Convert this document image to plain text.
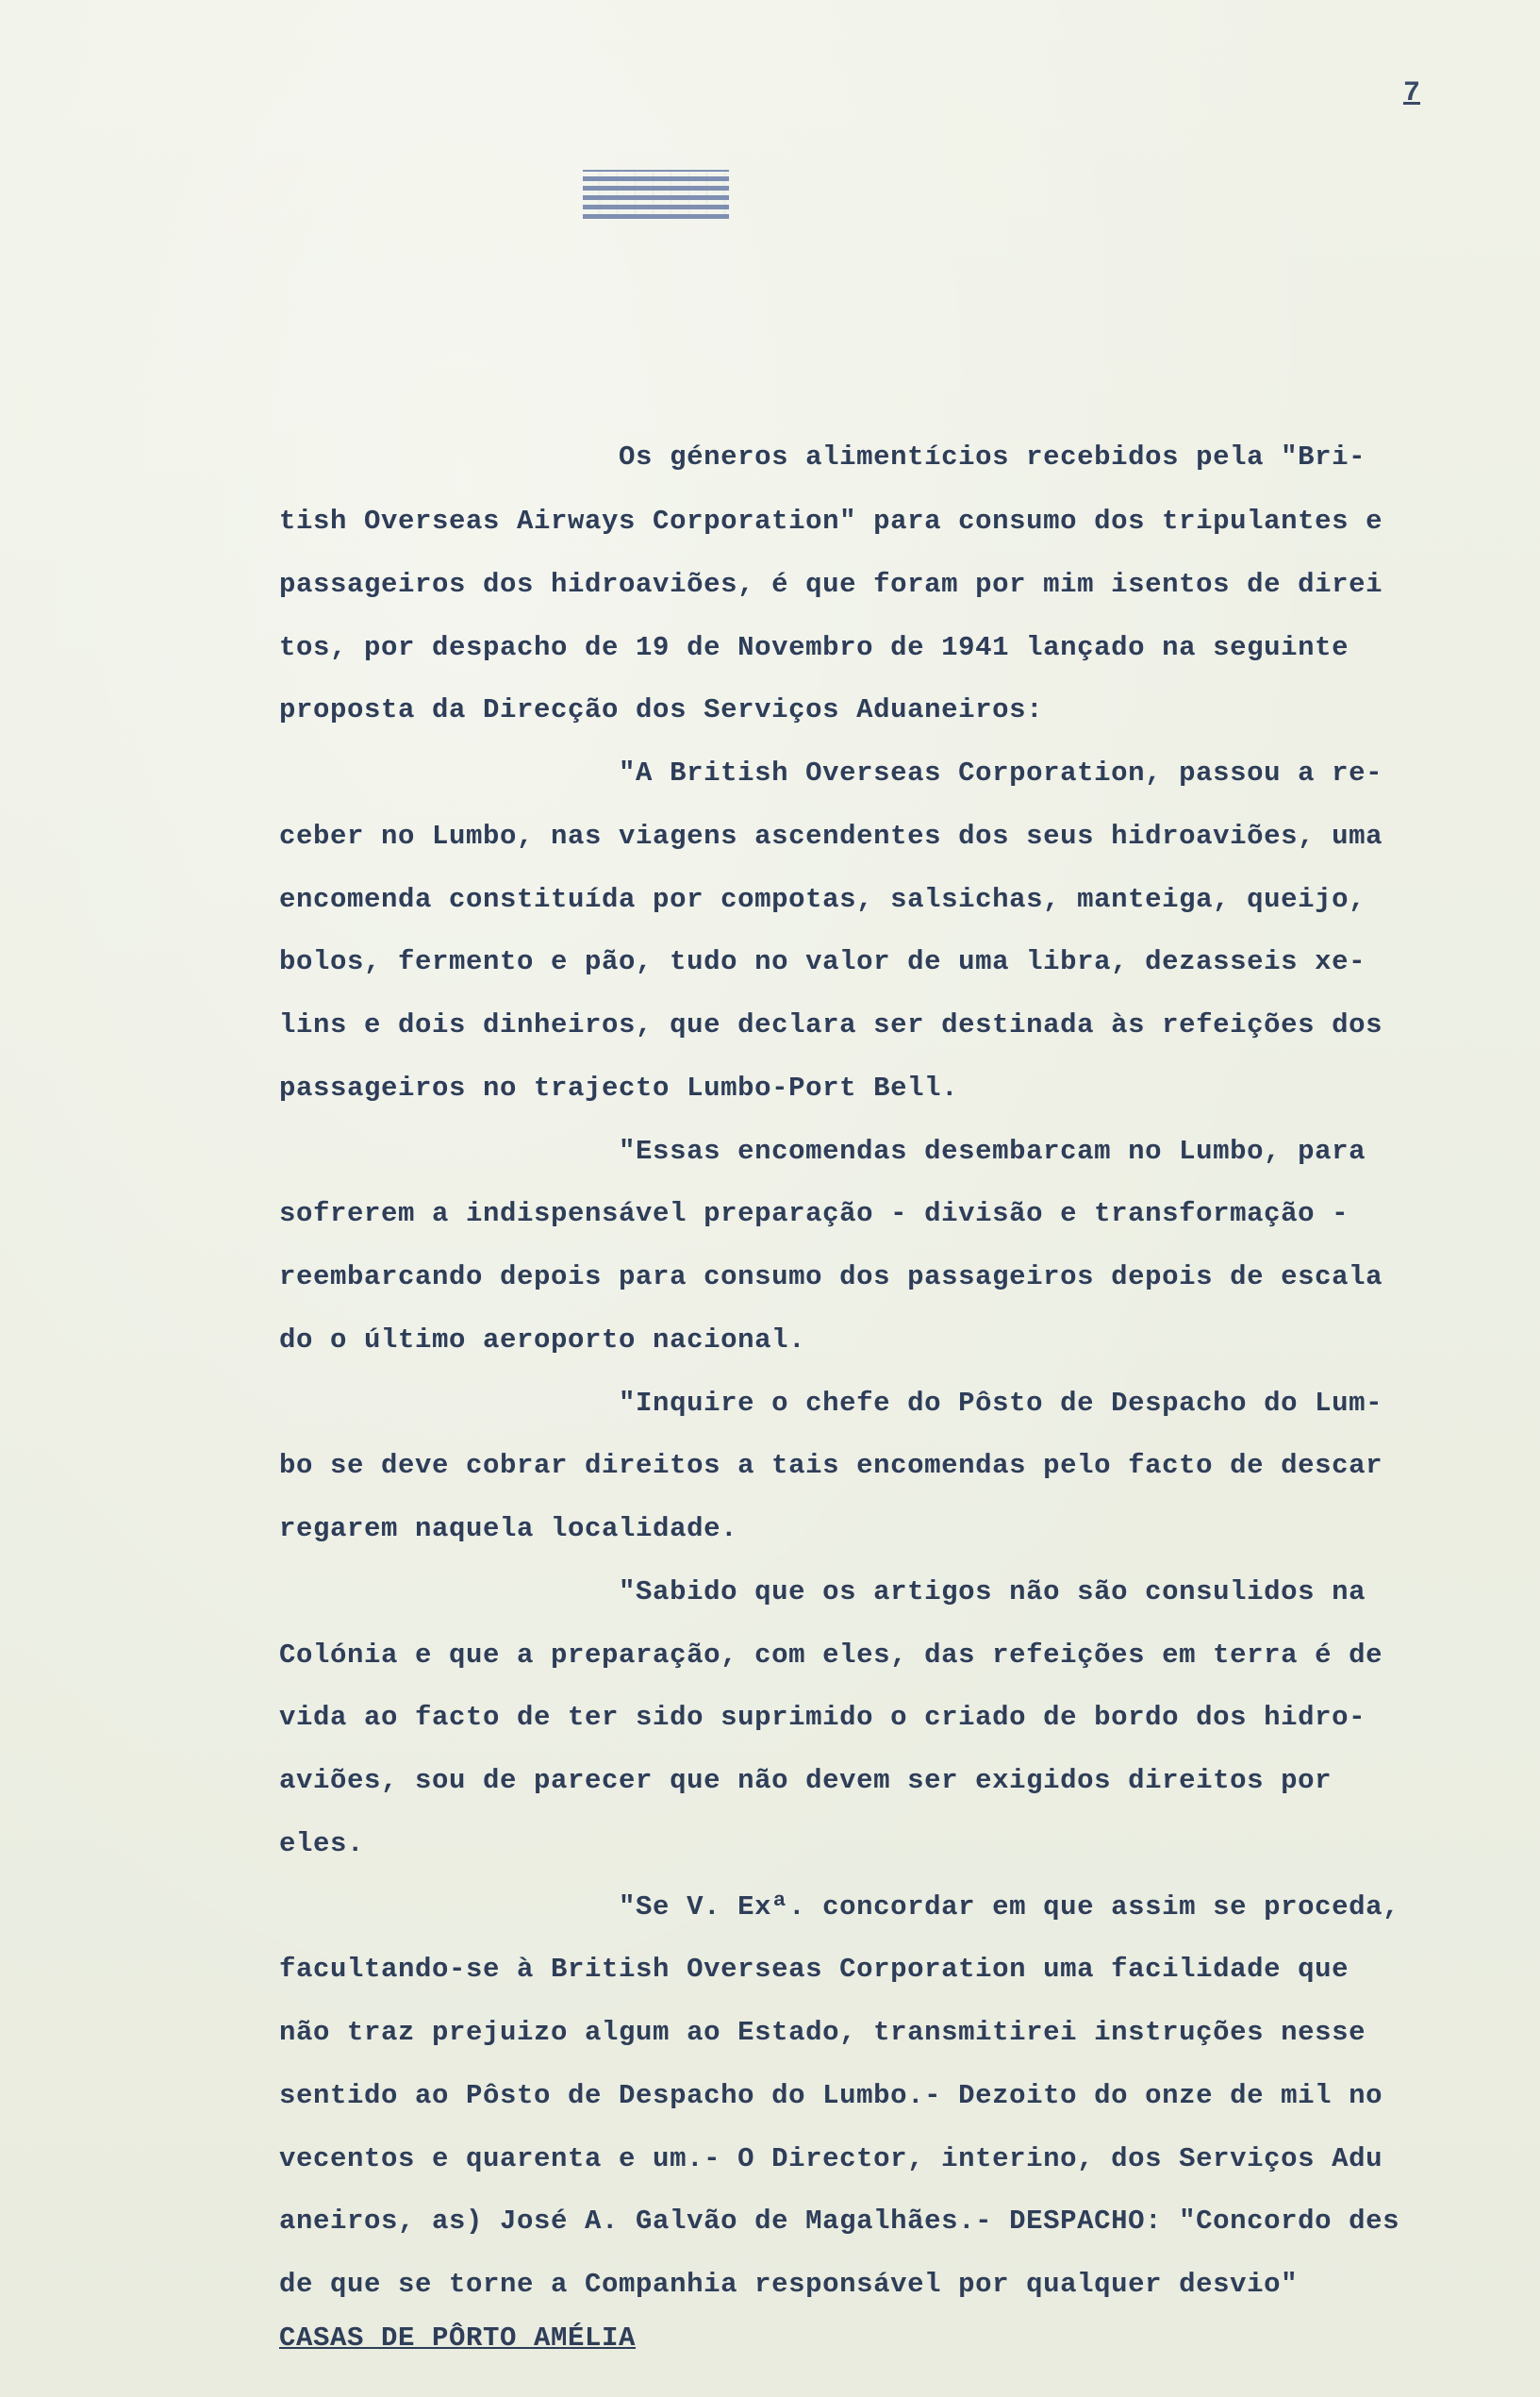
7
Os géneros alimentícios recebidos pela "Bri-
tish Overseas Airways Corporation" para consumo dos tripulantes e
passageiros dos hidroaviões, é que foram por mim isentos de direi
tos, por despacho de 19 de Novembro de 1941 lançado na seguinte
proposta da Direcção dos Serviços Aduaneiros:
"A British Overseas Corporation, passou a re-
ceber no Lumbo, nas viagens ascendentes dos seus hidroaviões, uma
encomenda constituída por compotas, salsichas, manteiga, queijo,
bolos, fermento e pão, tudo no valor de uma libra, dezasseis xe-
lins e dois dinheiros, que declara ser destinada às refeições dos
passageiros no trajecto Lumbo-Port Bell.
"Essas encomendas desembarcam no Lumbo, para
sofrerem a indispensável preparação - divisão e transformação -
reembarcando depois para consumo dos passageiros depois de escala
do o último aeroporto nacional.
"Inquire o chefe do Pôsto de Despacho do Lum-
bo se deve cobrar direitos a tais encomendas pelo facto de descar
regarem naquela localidade.
"Sabido que os artigos não são consulidos na
Colónia e que a preparação, com eles, das refeições em terra é de
vida ao facto de ter sido suprimido o criado de bordo dos hidro-
aviões, sou de parecer que não devem ser exigidos direitos por
eles.
"Se V. Exª. concordar em que assim se proceda,
facultando-se à British Overseas Corporation uma facilidade que
não traz prejuizo algum ao Estado, transmitirei instruções nesse
sentido ao Pôsto de Despacho do Lumbo.- Dezoito do onze de mil no
vecentos e quarenta e um.- O Director, interino, dos Serviços Adu
aneiros, as) José A. Galvão de Magalhães.- DESPACHO: "Concordo des
de que se torne a Companhia responsável por qualquer desvio"
CASAS DE PÔRTO AMÉLIA
